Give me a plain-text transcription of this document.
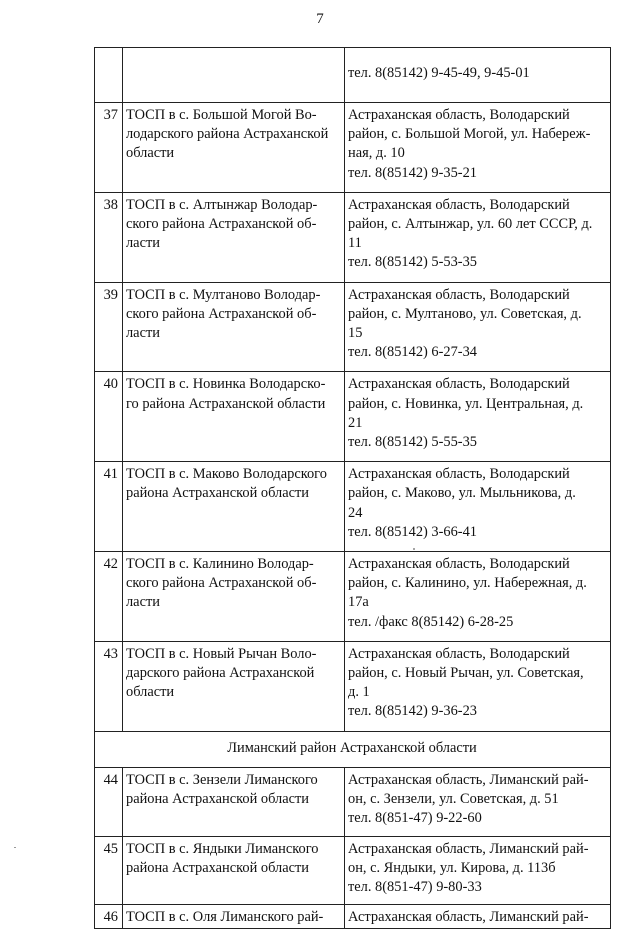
7

		тел. 8(85142) 9-45-49, 9-45-01

37	ТОСП в с. Большой Могой Во-
лодарского района Астраханской
области	Астраханская область, Володарский
район, с. Большой Могой, ул. Набереж-
ная, д. 10
тел. 8(85142) 9-35-21

38	ТОСП в с. Алтынжар Володар-
ского района Астраханской об-
ласти	Астраханская область, Володарский
район, с. Алтынжар, ул. 60 лет СССР, д.
11
тел. 8(85142) 5-53-35

39	ТОСП в с. Мултаново Володар-
ского района Астраханской об-
ласти	Астраханская область, Володарский
район, с. Мултаново, ул. Советская, д.
15
тел. 8(85142) 6-27-34

40	ТОСП в с. Новинка Володарско-
го района Астраханской области	Астраханская область, Володарский
район, с. Новинка, ул. Центральная, д.
21
тел. 8(85142) 5-55-35

41	ТОСП в с. Маково Володарского
района Астраханской области	Астраханская область, Володарский
район, с. Маково, ул. Мыльникова, д.
24
тел. 8(85142) 3-66-41

42	ТОСП в с. Калинино Володар-
ского района Астраханской об-
ласти	Астраханская область, Володарский
район, с. Калинино, ул. Набережная, д.
17а
тел. /факс 8(85142) 6-28-25

43	ТОСП в с. Новый Рычан Воло-
дарского района Астраханской
области	Астраханская область, Володарский
район, с. Новый Рычан, ул. Советская,
д. 1
тел. 8(85142) 9-36-23

Лиманский район Астраханской области		
44	ТОСП в с. Зензели Лиманского
района Астраханской области	Астраханская область, Лиманский рай-
он, с. Зензели, ул. Советская, д. 51
тел. 8(851-47) 9-22-60

45	ТОСП в с. Яндыки Лиманского
района Астраханской области	Астраханская область, Лиманский рай-
он, с. Яндыки, ул. Кирова, д. 113б
тел. 8(851-47) 9-80-33

46	ТОСП в с. Оля Лиманского рай-	Астраханская область, Лиманский рай-
